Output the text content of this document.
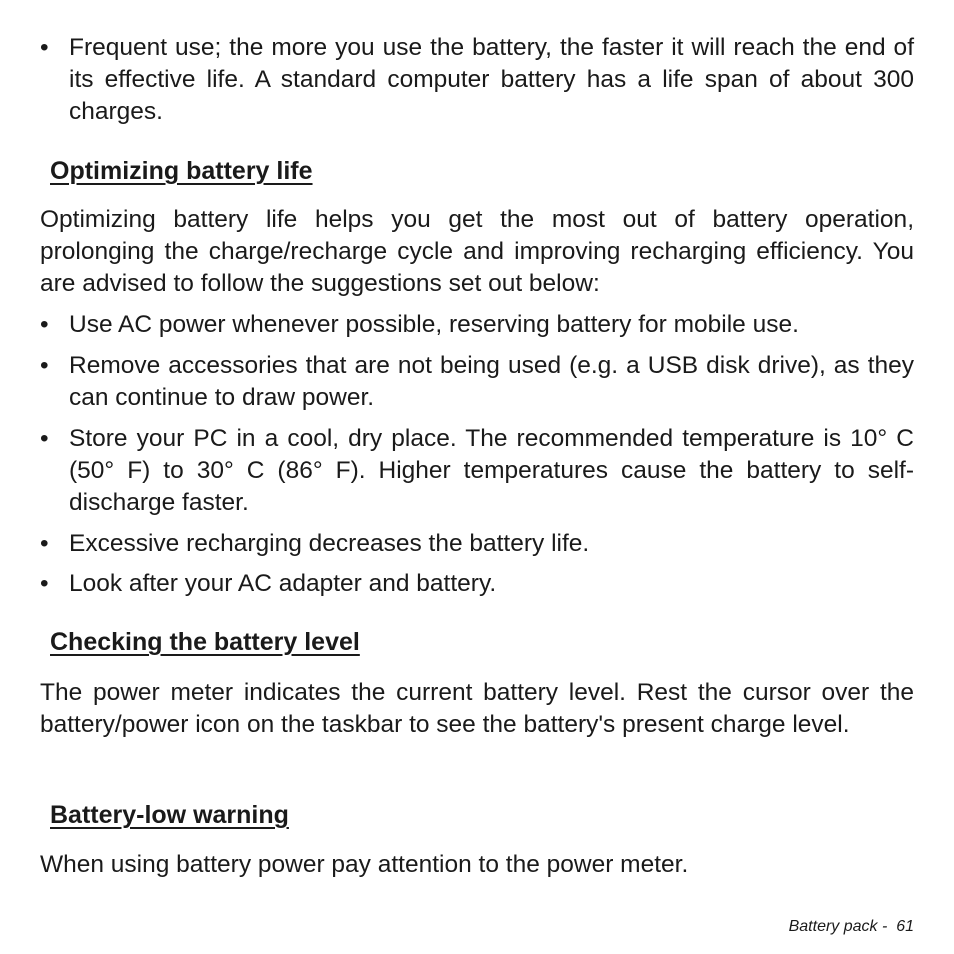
• Frequent use; the more you use the battery, the faster it will reach the end of its effective life. A standard computer battery has a life span of about 300 charges.
Optimizing battery life

Optimizing battery life helps you get the most out of battery operation, prolonging the charge/recharge cycle and improving recharging efficiency. You are advised to follow the suggestions set out below:

• Use AC power whenever possible, reserving battery for mobile use.
• Remove accessories that are not being used (e.g. a USB disk drive), as they can continue to draw power.
• Store your PC in a cool, dry place. The recommended temperature is 10° C (50° F) to 30° C (86° F). Higher temperatures cause the battery to self-discharge faster.
• Excessive recharging decreases the battery life.
• Look after your AC adapter and battery.
Checking the battery level

The power meter indicates the current battery level. Rest the cursor over the battery/power icon on the taskbar to see the battery's present charge level.

Battery-low warning

When using battery power pay attention to the power meter.

Battery pack -  61
